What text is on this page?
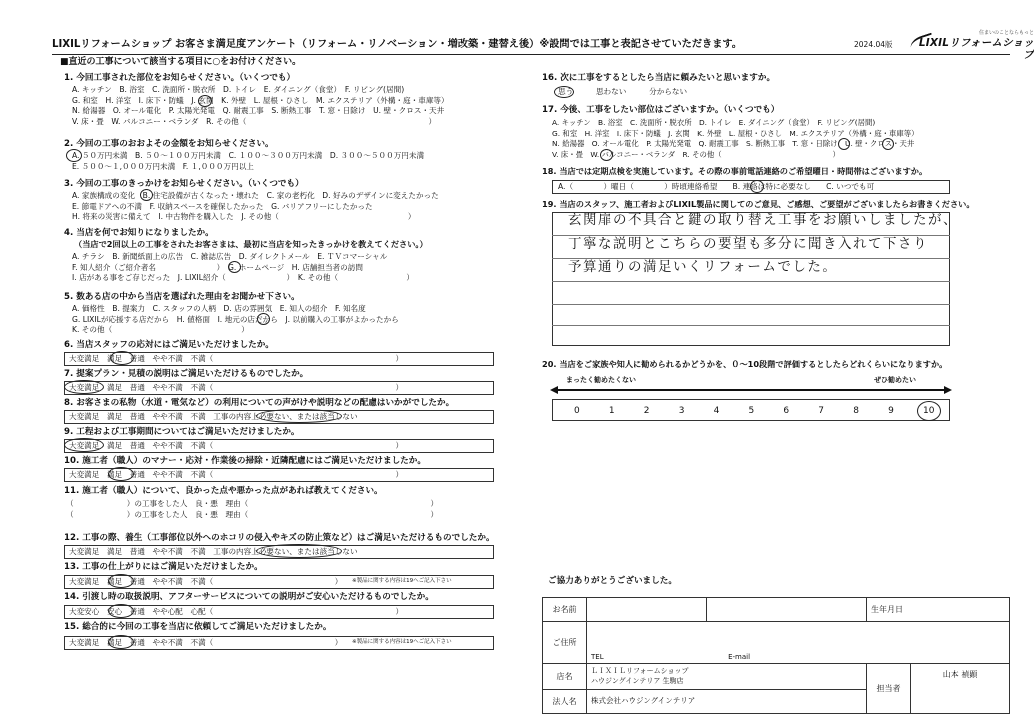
LIXILリフォームショップ お客さま満足度アンケート（リフォーム・リノベーション・増改築・建替え後）※設問では工事と表記させていただきます。	2024.04版
住まいのことならもっと
LIXILリフォームショップ
■直近の工事について該当する項目に○をお付けください。
1. 今回工事された部位をお知らせください。（いくつでも）
A. キッチン　B. 浴室　C. 洗面所・脱衣所　D. トイレ　E. ダイニング（食堂）　F. リビング(居間)
G. 和室　H. 洋室　I. 床下・防蟻　J. 玄関　K. 外壁　L. 屋根・ひさし　M. エクステリア（外構・庭・車庫等）
N. 給湯器　O. オール電化　P. 太陽光発電　Q. 耐震工事　S. 断熱工事　T. 窓・日除け　U. 壁・クロス・天井
V. 床・畳　W. バルコニー・ベランダ　R. その他（　　　　　　　　　　　　　　　　　　　　　　　　）
2. 今回の工事のおおよその金額をお知らせください。
A. ５０万円未満　B. ５０～１００万円未満　C. １００～３００万円未満　D. ３００～５００万円未満
E. ５００～１,０００万円未満　F. １,０００万円以上
3. 今回の工事のきっかけをお知らせください。（いくつでも）
A. 家族構成の変化　B. 住宅設備が古くなった・壊れた　C. 家の老朽化　D. 好みのデザインに変えたかった
E. 節電ドアへの不満　F. 収納スペースを確保したかった　G. バリアフリーにしたかった
H. 将来の災害に備えて　I. 中古物件を購入した　J. その他（　　　　　　　　　　　　　　　　　）
4. 当店を何でお知りになりましたか。
（当店で2回以上の工事をされたお客さまは、最初に当店を知ったきっかけを教えてください。）
A. チラシ　B. 新聞紙面上の広告　C. 雑誌広告　D. ダイレクトメール　E. ＴＶコマーシャル
F. 知人紹介（ご紹介者名　　　　　　　　）　G. ホームページ　H. 店舗担当者の訪問
I. 店がある事をご存じだった　J. LIXIL紹介（　　　　　　　　）　K. その他（　　　　　　　　　）
5. 数ある店の中から当店を選ばれた理由をお聞かせ下さい。
A. 価格性　B. 提案力　C. スタッフの人柄　D. 店の雰囲気　E. 知人の紹介　F. 知名度
G. LIXILが応援する店だから　H. 値格面　I. 地元の店だから　J. 以前購入の工事がよかったから
K. その他（　　　　　　　　　　　　　　　　　）
6. 当店スタッフの応対にはご満足いただけましたか。
大変満足　満足　普通　やや不満　不満（　　　　　　　　　　　　　　　　　　　　　　　　）
7. 提案プラン・見積の説明はご満足いただけるものでしたか。
大変満足　満足　普通　やや不満　不満（　　　　　　　　　　　　　　　　　　　　　　　　）
8. お客さまの私物（水道・電気など）の利用についての声がけや説明などの配慮はいかがでしたか。
大変満足　満足　普通　やや不満　不満　工事の内容上必要ない、または該当しない
9. 工程および工事期間についてはご満足いただけましたか。
大変満足　満足　普通　やや不満　不満（　　　　　　　　　　　　　　　　　　　　　　　　）
10. 施工者（職人）のマナー・応対・作業後の掃除・近隣配慮にはご満足いただけましたか。
大変満足　満足　普通　やや不満　不満（　　　　　　　　　　　　　　　　　　　　　　　　）
11. 施工者（職人）について、良かった点や悪かった点があれば教えてください。
（　　　　　　　）の工事をした人　良・悪　理由（　　　　　　　　　　　　　　　　　　　　　　　　）
（　　　　　　　）の工事をした人　良・悪　理由（　　　　　　　　　　　　　　　　　　　　　　　　）
12. 工事の際、養生（工事部位以外へのホコリの侵入やキズの防止策など）はご満足いただけるものでしたか。
大変満足　満足　普通　やや不満　不満　工事の内容上必要ない、または該当しない
13. 工事の仕上がりにはご満足いただけましたか。
大変満足　満足　普通　やや不満　不満（　　　　　　　　　　　　　　　　）	※製品に関する内容は19へご記入下さい
14. 引渡し時の取扱説明、アフターサービスについての説明がご安心いただけるものでしたか。
大変安心　安心　普通　やや心配　心配（　　　　　　　　　　　　　　　　　　　　　　　　）
15. 総合的に今回の工事を当店に依頼してご満足いただけましたか。
大変満足　満足　普通　やや不満　不満（　　　　　　　　　　　　　　　　）	※製品に関する内容は19へご記入下さい
16. 次に工事をするとしたら当店に頼みたいと思いますか。
思う　　　思わない　　　分からない
17. 今後、工事をしたい部位はございますか。（いくつでも）
A. キッチン　B. 浴室　C. 洗面所・脱衣所　D. トイレ　E. ダイニング（食堂）　F. リビング(居間)
G. 和室　H. 洋室　I. 床下・防蟻　J. 玄関　K. 外壁　L. 屋根・ひさし　M. エクステリア（外構・庭・車庫等）
N. 給湯器　O. オール電化　P. 太陽光発電　Q. 耐震工事　S. 断熱工事　T. 窓・日除け　U. 壁・クロス・天井
V. 床・畳　W. バルコニー・ベランダ　R. その他（　　　　　　　　　　　　　　　）
18. 当店では定期点検を実施しています。その際の事前電話連絡のご希望曜日・時間帯はございますか。
A.（　　　　）曜日（　　　　）時頃連絡希望　　B. 連絡は特に必要なし　　C. いつでも可
19. 当店のスタッフ、施工者およびLIXIL製品に関してのご意見、ご感想、ご要望がございましたらお書きください。
玄関扉の不具合と鍵の取り替え工事をお願いしましたが、
丁寧な説明とこちらの要望も多分に聞き入れて下さり
予算通りの満足いくリフォームでした。
20. 当店をご家族や知人に勧められるかどうかを、０～10段階で評価するとしたらどれくらいになりますか。
まったく勧めたくない	ぜひ勧めたい
0	1	2	3	4	5	6	7	8	9	10
ご協力ありがとうございました。
お名前			生年月日	
ご住所	TEL E-mail			
店名	ＬＩＸＩＬリフォームショップ
ハウジングインテリア 生駒店		担当者	山本 禎顕
法人名	株式会社ハウジングインテリア			
